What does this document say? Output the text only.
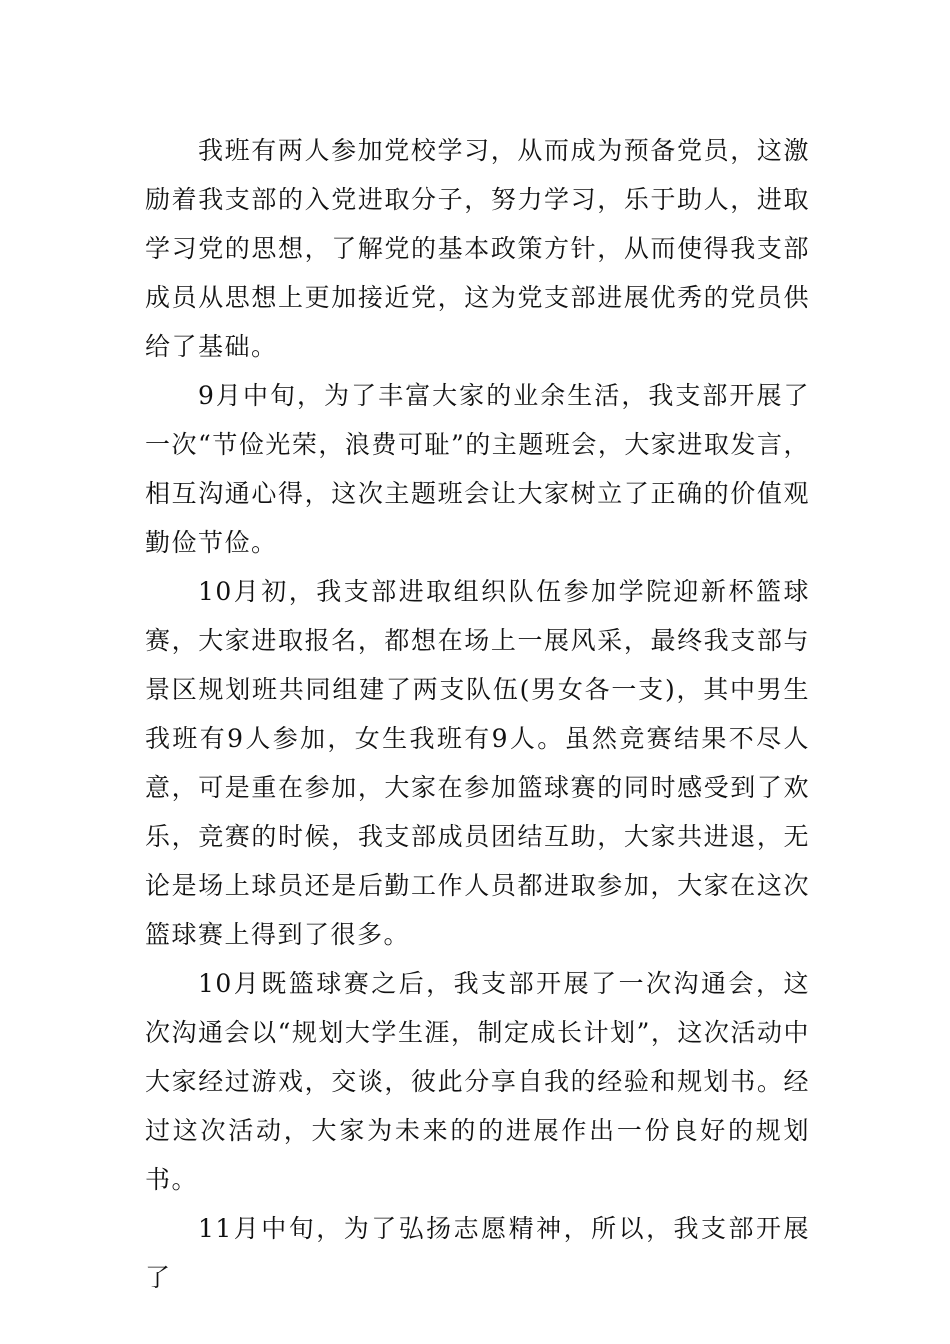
我班有两人参加党校学习，从而成为预备党员，这激励着我支部的入党进取分子，努力学习，乐于助人，进取学习党的思想，了解党的基本政策方针，从而使得我支部成员从思想上更加接近党，这为党支部进展优秀的党员供给了基础。

9月中旬，为了丰富大家的业余生活，我支部开展了一次“节俭光荣，浪费可耻”的主题班会，大家进取发言，相互沟通心得，这次主题班会让大家树立了正确的价值观勤俭节俭。

10月初，我支部进取组织队伍参加学院迎新杯篮球赛，大家进取报名，都想在场上一展风采，最终我支部与景区规划班共同组建了两支队伍(男女各一支)，其中男生我班有9人参加，女生我班有9人。虽然竞赛结果不尽人意，可是重在参加，大家在参加篮球赛的同时感受到了欢乐，竞赛的时候，我支部成员团结互助，大家共进退，无论是场上球员还是后勤工作人员都进取参加，大家在这次篮球赛上得到了很多。

10月既篮球赛之后，我支部开展了一次沟通会，这次沟通会以“规划大学生涯，制定成长计划”，这次活动中大家经过游戏，交谈，彼此分享自我的经验和规划书。经过这次活动，大家为未来的的进展作出一份良好的规划书。

11月中旬，为了弘扬志愿精神，所以，我支部开展了
